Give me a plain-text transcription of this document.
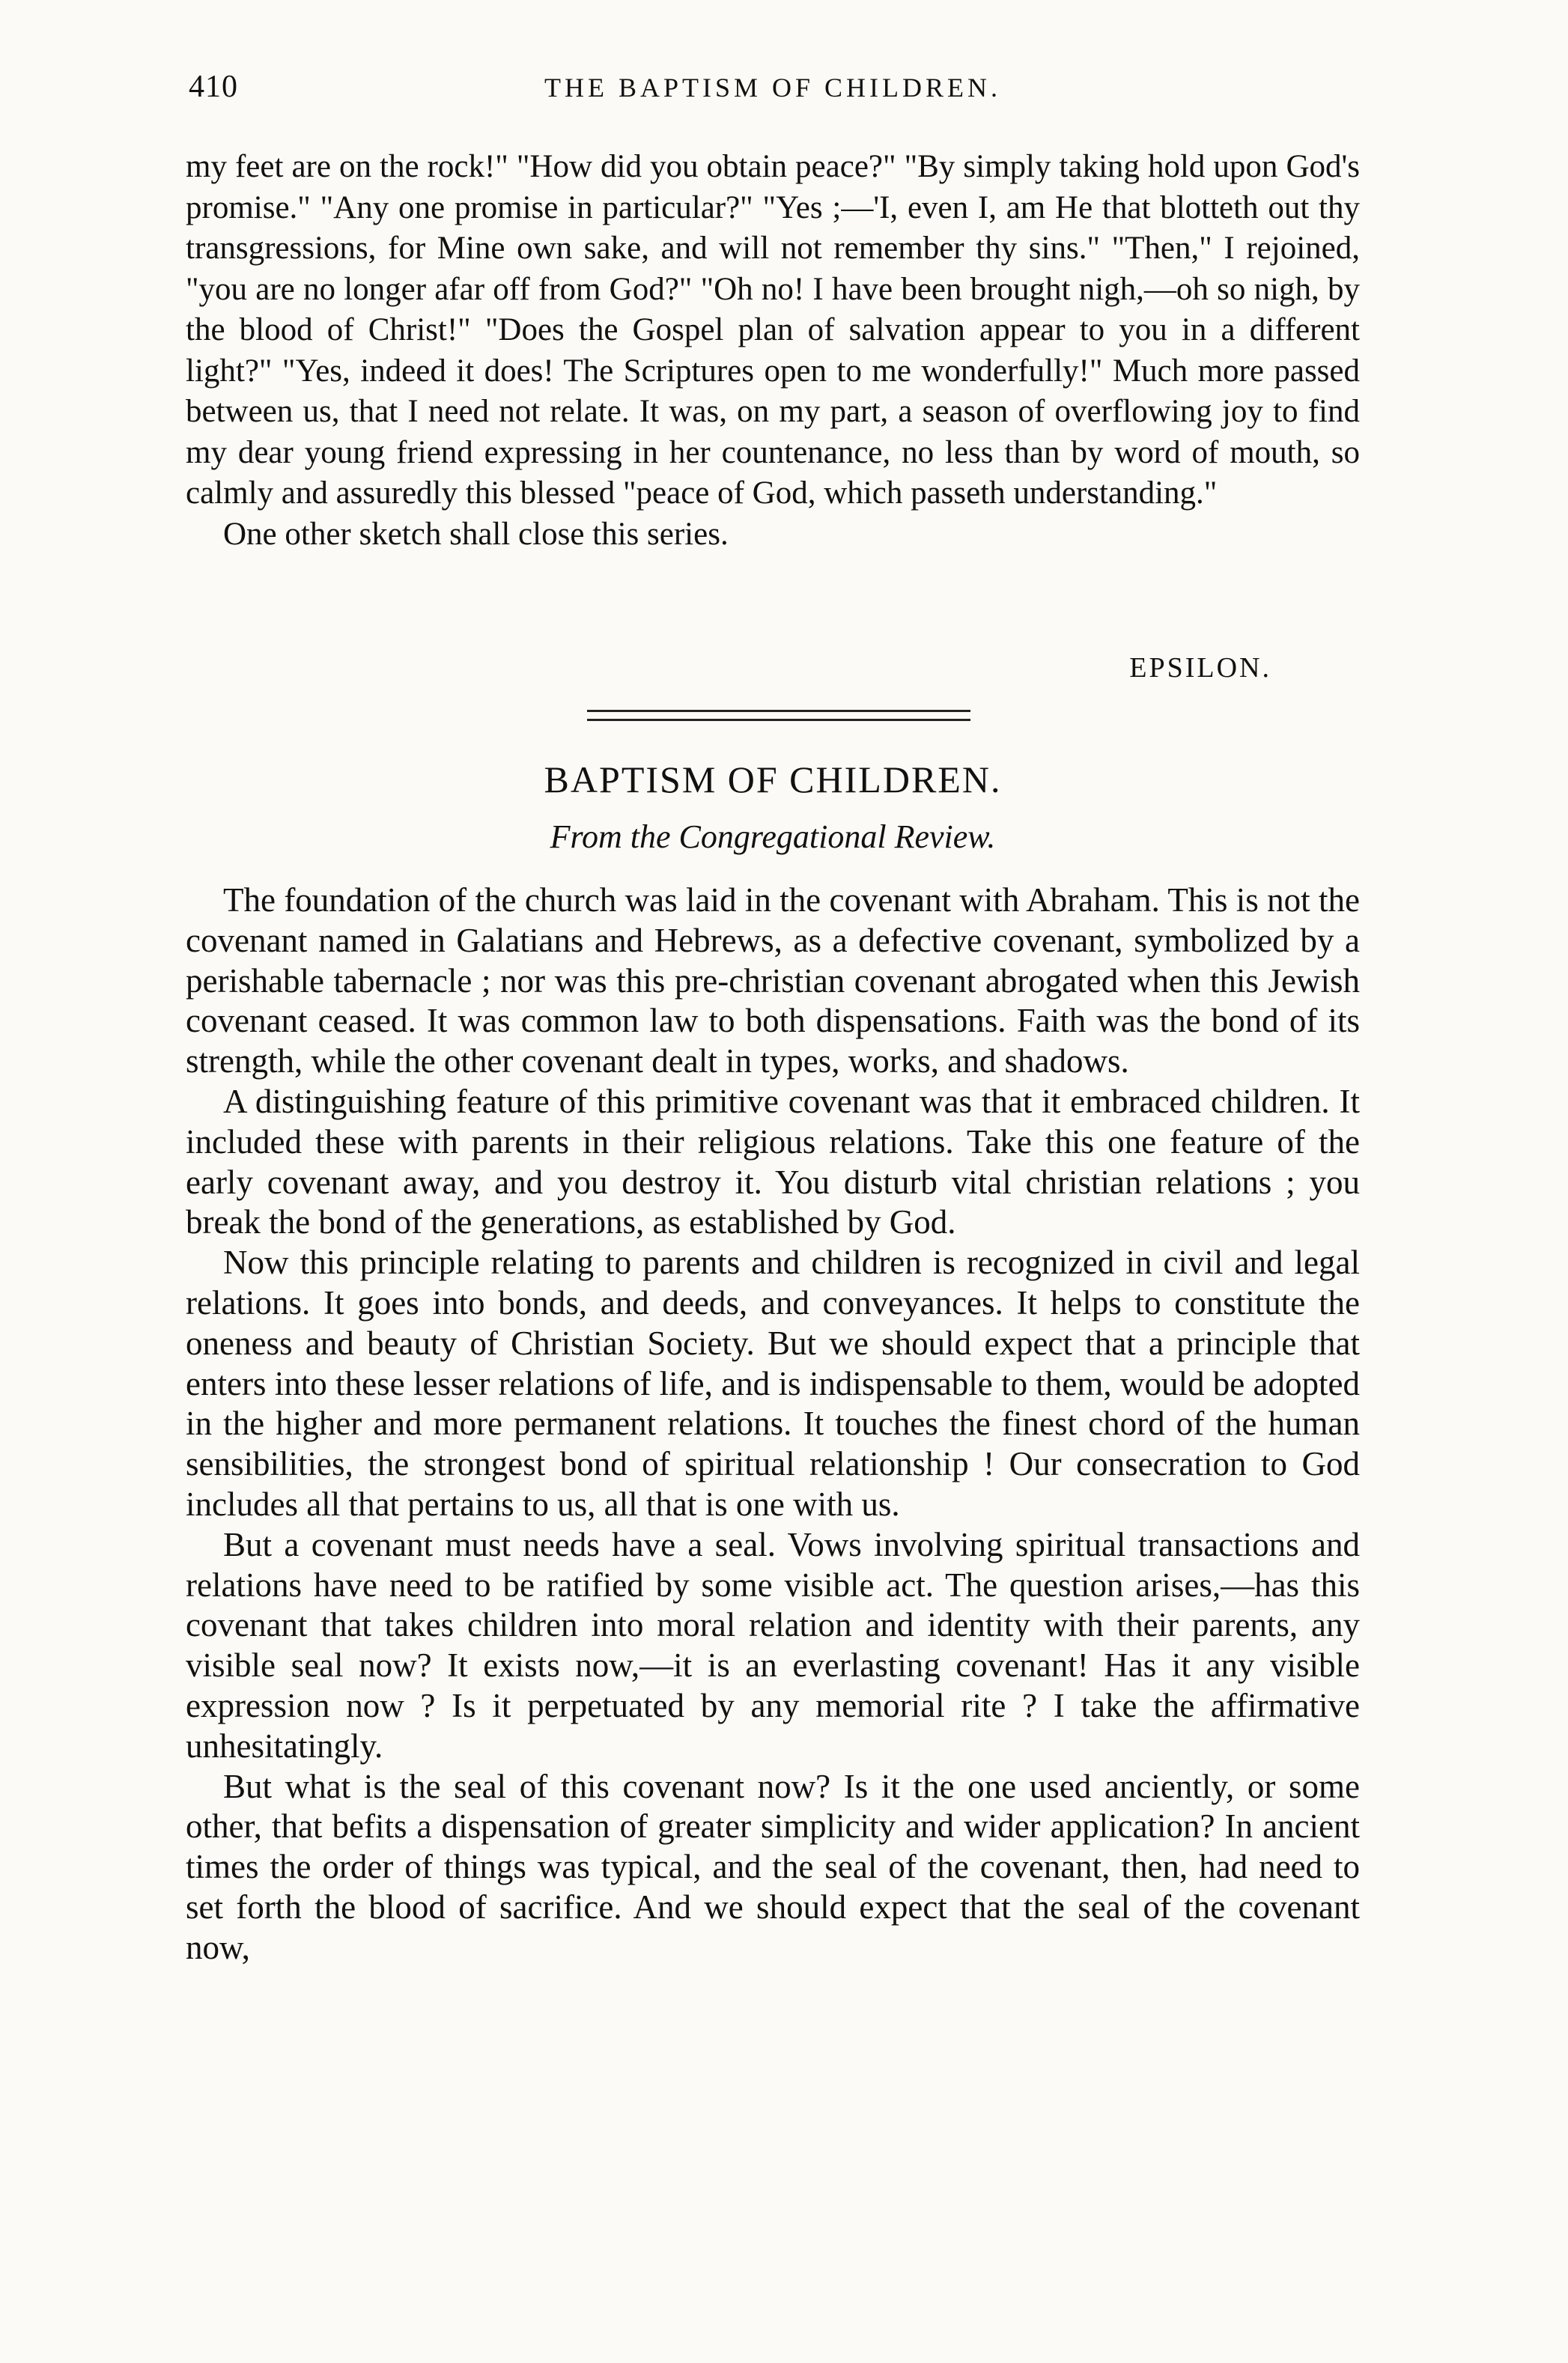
410	THE BAPTISM OF CHILDREN.

my feet are on the rock!" "How did you obtain peace?" "By simply taking hold upon God's promise." "Any one promise in particular?" "Yes ;—'I, even I, am He that blotteth out thy transgressions, for Mine own sake, and will not remember thy sins." "Then," I rejoined, "you are no longer afar off from God?" "Oh no! I have been brought nigh,—oh so nigh, by the blood of Christ!" "Does the Gospel plan of salvation appear to you in a different light?" "Yes, indeed it does! The Scriptures open to me wonderfully!" Much more passed between us, that I need not relate. It was, on my part, a season of overflowing joy to find my dear young friend expressing in her countenance, no less than by word of mouth, so calmly and assuredly this blessed "peace of God, which passeth understanding."

One other sketch shall close this series.

EPSILON.
BAPTISM OF CHILDREN.
From the Congregational Review.

The foundation of the church was laid in the covenant with Abraham. This is not the covenant named in Galatians and Hebrews, as a defective covenant, symbolized by a perishable tabernacle ; nor was this pre-christian covenant abrogated when this Jewish covenant ceased. It was common law to both dispensations. Faith was the bond of its strength, while the other covenant dealt in types, works, and shadows.

A distinguishing feature of this primitive covenant was that it embraced children. It included these with parents in their religious relations. Take this one feature of the early covenant away, and you destroy it. You disturb vital christian relations ; you break the bond of the generations, as established by God.

Now this principle relating to parents and children is recognized in civil and legal relations. It goes into bonds, and deeds, and conveyances. It helps to constitute the oneness and beauty of Christian Society. But we should expect that a principle that enters into these lesser relations of life, and is indispensable to them, would be adopted in the higher and more permanent relations. It touches the finest chord of the human sensibilities, the strongest bond of spiritual relationship ! Our consecration to God includes all that pertains to us, all that is one with us.

But a covenant must needs have a seal. Vows involving spiritual transactions and relations have need to be ratified by some visible act. The question arises,—has this covenant that takes children into moral relation and identity with their parents, any visible seal now? It exists now,—it is an everlasting covenant! Has it any visible expression now ? Is it perpetuated by any memorial rite ? I take the affirmative unhesitatingly.

But what is the seal of this covenant now? Is it the one used anciently, or some other, that befits a dispensation of greater simplicity and wider application? In ancient times the order of things was typical, and the seal of the covenant, then, had need to set forth the blood of sacrifice. And we should expect that the seal of the covenant now,
